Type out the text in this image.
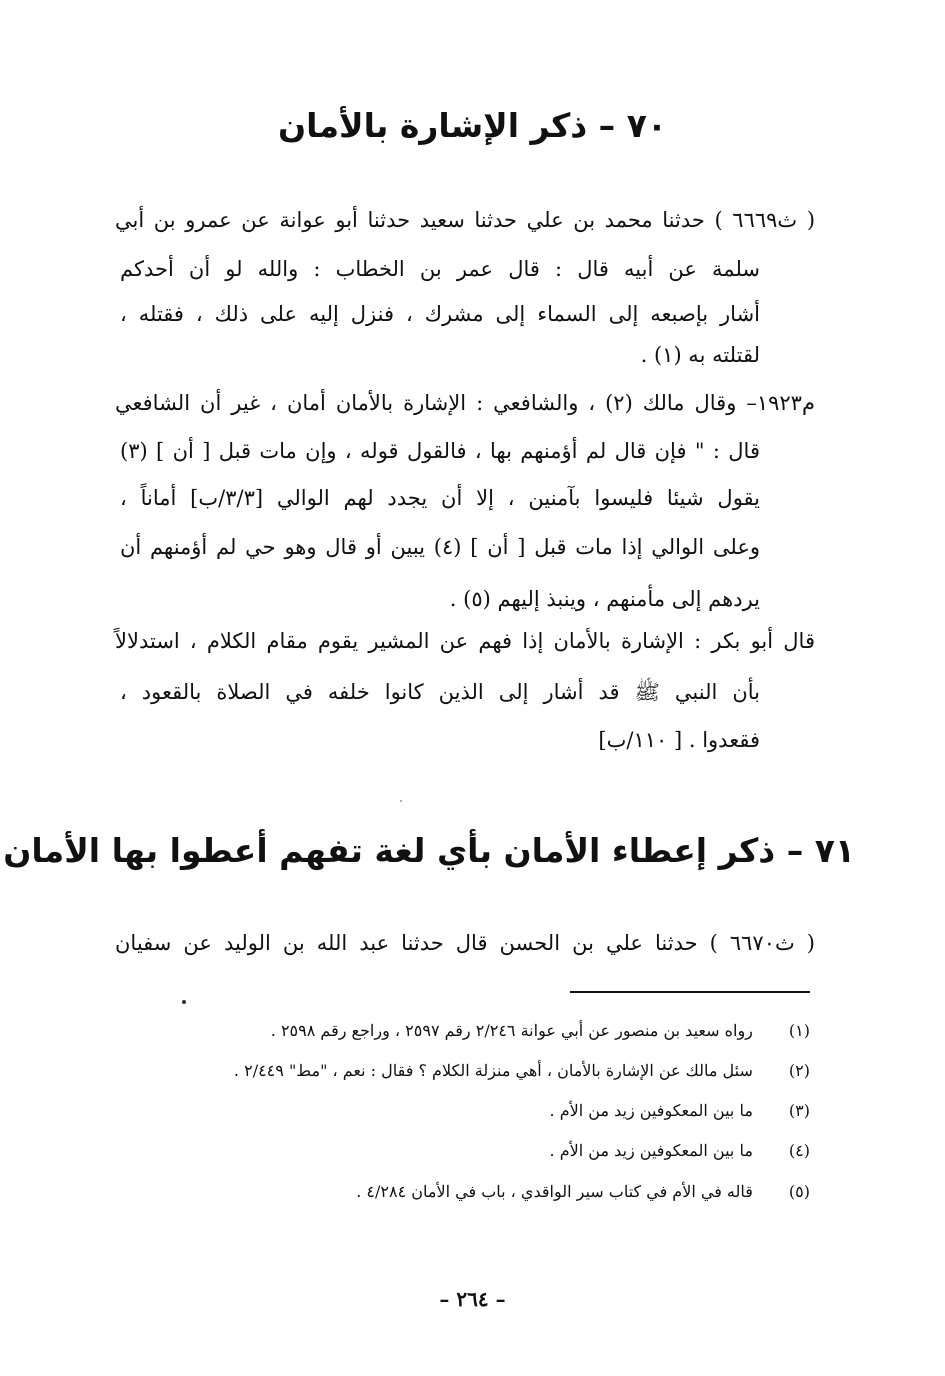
٧٠ – ذكر الإشارة بالأمان
( ث٦٦٦٩ ) حدثنا محمد بن علي حدثنا سعيد حدثنا أبو عوانة عن عمرو بن أبي
سلمة عن أبيه قال : قال عمر بن الخطاب : والله لو أن أحدكم
أشار بإصبعه إلى السماء إلى مشرك ، فنزل إليه على ذلك ، فقتله ،
لقتلته به (١) .
م١٩٢٣– وقال مالك (٢) ، والشافعي : الإشارة بالأمان أمان ، غير أن الشافعي
قال : " فإن قال لم أؤمنهم بها ، فالقول قوله ، وإن مات قبل [ أن ] (٣)
يقول شيئا فليسوا بآمنين ، إلا أن يجدد لهم الوالي [٣/٣/ب] أماناً ،
وعلى الوالي إذا مات قبل [ أن ] (٤) يبين أو قال وهو حي لم أؤمنهم أن
يردهم إلى مأمنهم ، وينبذ إليهم (٥) .
قال أبو بكر : الإشارة بالأمان إذا فهم عن المشير يقوم مقام الكلام ، استدلالاً
بأن النبي ﷺ قد أشار إلى الذين كانوا خلفه في الصلاة بالقعود ،
فقعدوا . [ ١١٠/ب]
٧١ – ذكر إعطاء الأمان بأي لغة تفهم أعطوا بها الأمان
( ث٦٦٧٠ ) حدثنا علي بن الحسن قال حدثنا عبد الله بن الوليد عن سفيان
(١) رواه سعيد بن منصور عن أبي عوانة ٢/٢٤٦ رقم ٢٥٩٧ ، وراجع رقم ٢٥٩٨ .
(٢) سئل مالك عن الإشارة بالأمان ، أهي منزلة الكلام ؟ فقال : نعم ، "مط" ٢/٤٤٩ .
(٣) ما بين المعكوفين زيد من الأم .
(٤) ما بين المعكوفين زيد من الأم .
(٥) قاله في الأم في كتاب سير الواقدي ، باب في الأمان ٤/٢٨٤ .
– ٢٦٤ –
